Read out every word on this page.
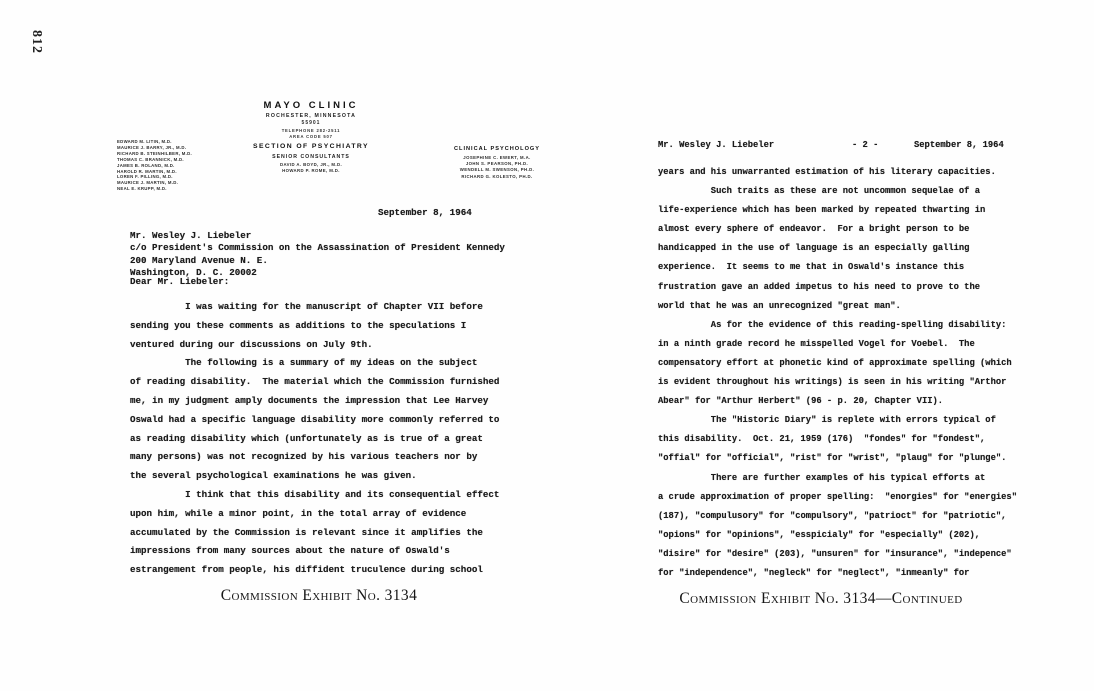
812
EDWARD M. LITIN, M.D.
MAURICE J. BARRY, JR., M.D.
RICHARD B. STEINHILBER, M.D.
THOMAS C. BRANNICK, M.D.
JAMES B. ROLAND, M.D.
HAROLD R. MARTIN, M.D.
LOREN F. PILLING, M.D.
MAURICE J. MARTIN, M.D.
NEAL E. KRUPP, M.D.
MAYO CLINIC
ROCHESTER, MINNESOTA
55901
TELEPHONE 282-2511
AREA CODE 507
SECTION OF PSYCHIATRY
SENIOR CONSULTANTS
DAVID A. BOYD, JR., M.D.
HOWARD P. ROME, M.D.
CLINICAL PSYCHOLOGY
JOSEPHINE C. EWERT, M.A.
JOHN S. PEARSON, PH.D.
WENDELL M. SWENSON, PH.D.
RICHARD G. KOLESTO, PH.D.
September 8, 1964
Mr. Wesley J. Liebeler
c/o President's Commission on the Assassination of President Kennedy
200 Maryland Avenue N. E.
Washington, D. C. 20002
Dear Mr. Liebeler:
I was waiting for the manuscript of Chapter VII before
sending you these comments as additions to the speculations I
ventured during our discussions on July 9th.
The following is a summary of my ideas on the subject
of reading disability.  The material which the Commission furnished
me, in my judgment amply documents the impression that Lee Harvey
Oswald had a specific language disability more commonly referred to
as reading disability which (unfortunately as is true of a great
many persons) was not recognized by his various teachers nor by
the several psychological examinations he was given.
I think that this disability and its consequential effect
upon him, while a minor point, in the total array of evidence
accumulated by the Commission is relevant since it amplifies the
impressions from many sources about the nature of Oswald's
estrangement from people, his diffident truculence during school
Commission Exhibit No. 3134
Mr. Wesley J. Liebeler	- 2 -	September 8, 1964
years and his unwarranted estimation of his literary capacities.
Such traits as these are not uncommon sequelae of a
life-experience which has been marked by repeated thwarting in
almost every sphere of endeavor.  For a bright person to be
handicapped in the use of language is an especially galling
experience.  It seems to me that in Oswald's instance this
frustration gave an added impetus to his need to prove to the
world that he was an unrecognized "great man".
As for the evidence of this reading-spelling disability:
in a ninth grade record he misspelled Vogel for Voebel.  The
compensatory effort at phonetic kind of approximate spelling (which
is evident throughout his writings) is seen in his writing "Arthor
Abear" for "Arthur Herbert" (96 - p. 20, Chapter VII).
The "Historic Diary" is replete with errors typical of
this disability.  Oct. 21, 1959 (176)  "fondes" for "fondest",
"offial" for "official", "rist" for "wrist", "plaug" for "plunge".
There are further examples of his typical efforts at
a crude approximation of proper spelling:  "enorgies" for "energies"
(187), "compulusory" for "compulsory", "patrioct" for "patriotic",
"opions" for "opinions", "esspicialy" for "especially" (202),
"disire" for "desire" (203), "unsuren" for "insurance", "indepence"
for "independence", "negleck" for "neglect", "inmeanly" for
Commission Exhibit No. 3134—Continued
